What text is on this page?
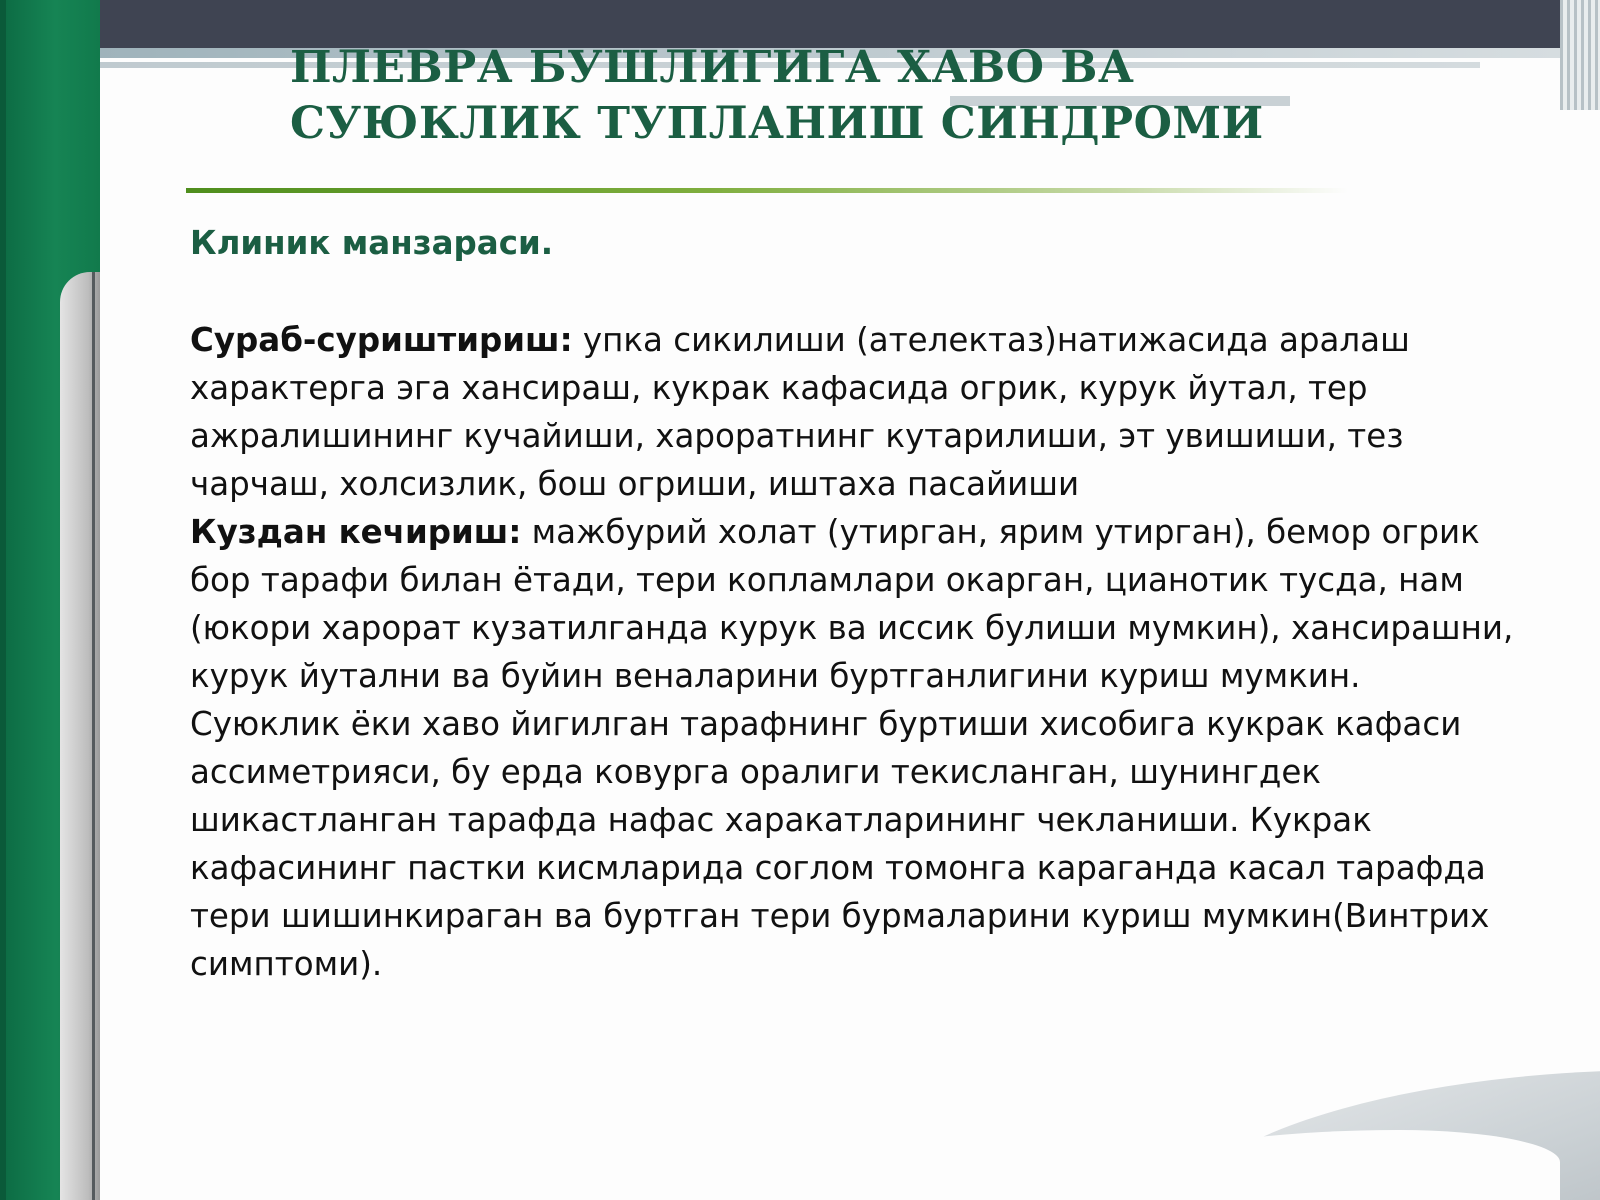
ПЛЕВРА БУШЛИГИГА ХАВО ВА СУЮКЛИК ТУПЛАНИШ СИНДРОМИ

Клиник манзараси.

Сураб-суриштириш: упка сикилиши (ателектаз)натижасида аралаш характерга эга хансираш, кукрак кафасида огрик, курук йутал, тер ажралишининг кучайиши, хароратнинг кутарилиши, эт увишиши, тез чарчаш, холсизлик, бош огриши, иштаха пасайиши

Куздан кечириш: мажбурий холат (утирган, ярим утирган), бемор огрик бор тарафи билан ётади, тери копламлари окарган, цианотик тусда, нам (юкори харорат кузатилганда курук ва иссик булиши мумкин), хансирашни, курук йутални ва буйин веналарини буртганлигини куриш мумкин.

Суюклик ёки хаво йигилган тарафнинг буртиши хисобига кукрак кафаси ассиметрияси, бу ерда ковурга оралиги текисланган, шунингдек шикастланган тарафда нафас харакатларининг чекланиши. Кукрак кафасининг пастки кисмларида соглом томонга караганда касал тарафда тери шишинкираган ва буртган тери бурмаларини куриш мумкин(Винтрих симптоми).
